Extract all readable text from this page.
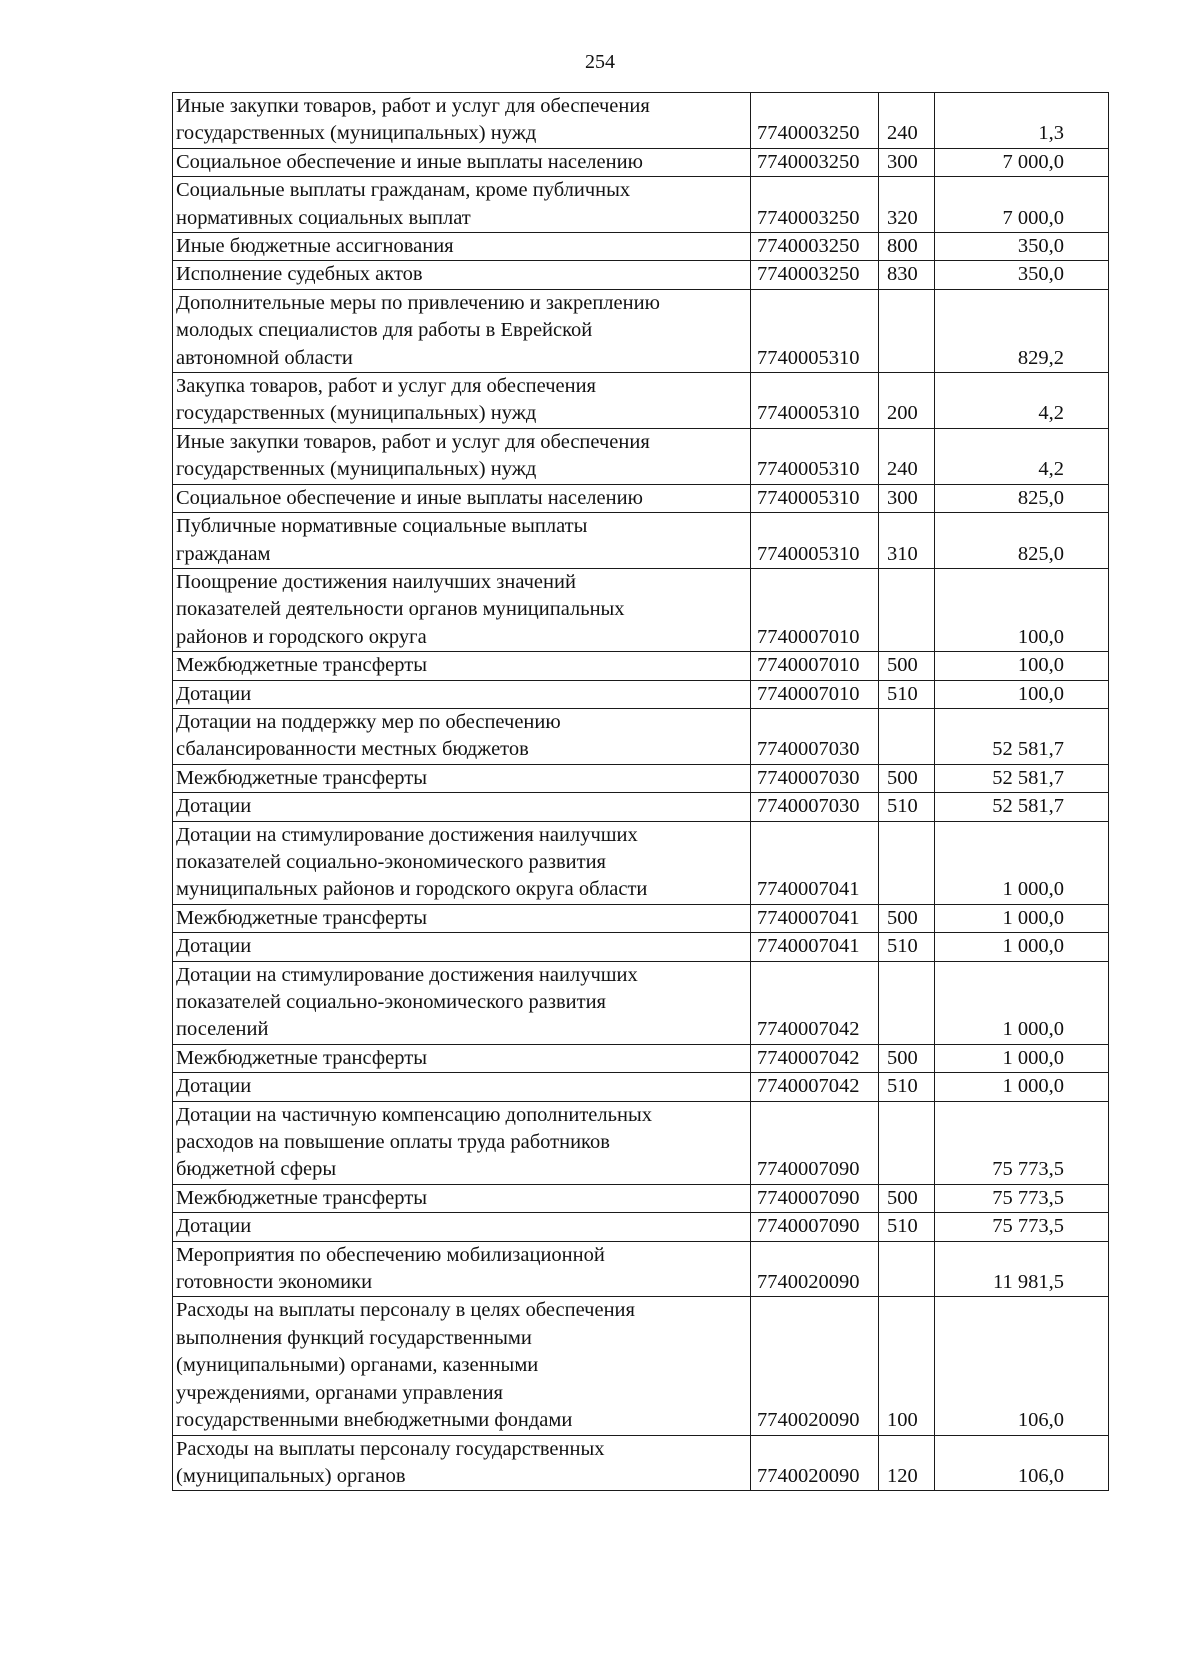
254
Иные закупки товаров, работ и услуг для обеспечения
государственных (муниципальных) нужд	7740003250	240	1,3
Социальное обеспечение и иные выплаты населению	7740003250	300	7 000,0
Социальные выплаты гражданам, кроме публичных
нормативных социальных выплат	7740003250	320	7 000,0
Иные бюджетные ассигнования	7740003250	800	350,0
Исполнение судебных актов	7740003250	830	350,0
Дополнительные меры по привлечению и закреплению
молодых специалистов для работы в Еврейской
автономной области	7740005310		829,2
Закупка товаров, работ и услуг для обеспечения
государственных (муниципальных) нужд	7740005310	200	4,2
Иные закупки товаров, работ и услуг для обеспечения
государственных (муниципальных) нужд	7740005310	240	4,2
Социальное обеспечение и иные выплаты населению	7740005310	300	825,0
Публичные нормативные социальные выплаты
гражданам	7740005310	310	825,0
Поощрение достижения наилучших значений
показателей деятельности органов муниципальных
районов и городского округа	7740007010		100,0
Межбюджетные трансферты	7740007010	500	100,0
Дотации	7740007010	510	100,0
Дотации на поддержку мер по обеспечению
сбалансированности местных бюджетов	7740007030		52 581,7
Межбюджетные трансферты	7740007030	500	52 581,7
Дотации	7740007030	510	52 581,7
Дотации на стимулирование достижения наилучших
показателей социально-экономического развития
муниципальных районов и городского округа области	7740007041		1 000,0
Межбюджетные трансферты	7740007041	500	1 000,0
Дотации	7740007041	510	1 000,0
Дотации на стимулирование достижения наилучших
показателей социально-экономического развития
поселений	7740007042		1 000,0
Межбюджетные трансферты	7740007042	500	1 000,0
Дотации	7740007042	510	1 000,0
Дотации на частичную компенсацию дополнительных
расходов на повышение оплаты труда работников
бюджетной сферы	7740007090		75 773,5
Межбюджетные трансферты	7740007090	500	75 773,5
Дотации	7740007090	510	75 773,5
Мероприятия по обеспечению мобилизационной
готовности экономики	7740020090		11 981,5
Расходы на выплаты персоналу в целях обеспечения
выполнения функций государственными
(муниципальными) органами, казенными
учреждениями, органами управления
государственными внебюджетными фондами	7740020090	100	106,0
Расходы на выплаты персоналу государственных
(муниципальных) органов	7740020090	120	106,0
